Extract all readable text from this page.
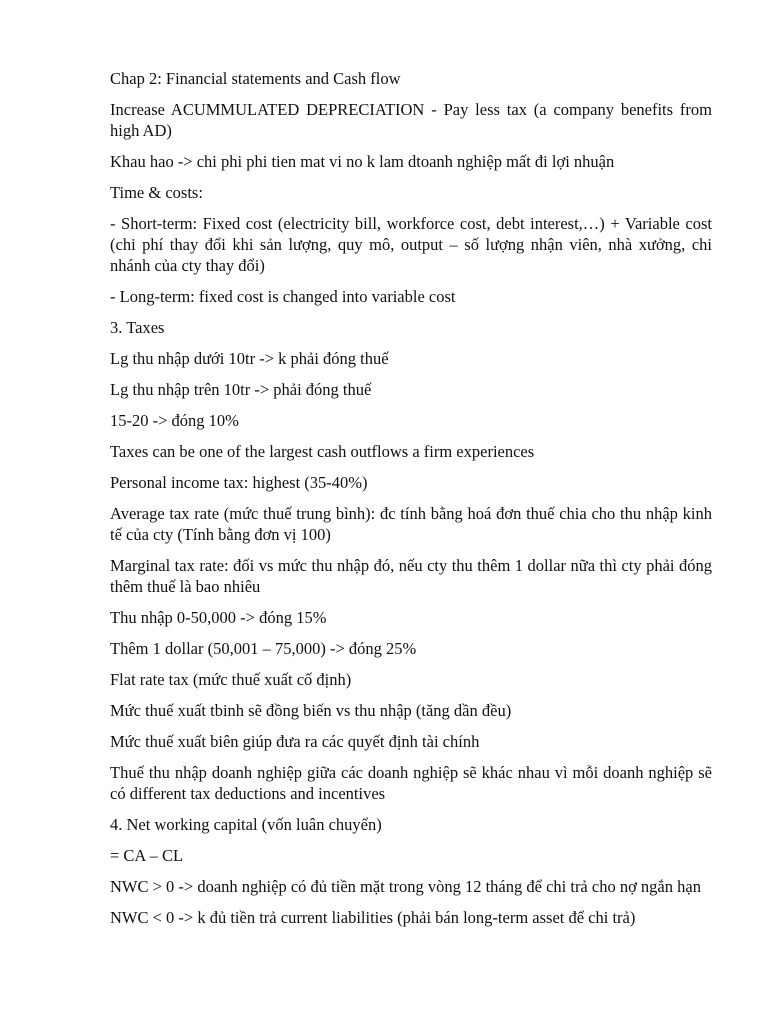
Chap 2: Financial statements and Cash flow

Increase ACUMMULATED DEPRECIATION - Pay less tax (a company benefits from high AD)

Khau hao -> chi phi phi tien mat vi no k lam dtoanh nghiệp mất đi lợi nhuận

Time & costs:

- Short-term: Fixed cost (electricity bill, workforce cost, debt interest,…) + Variable cost (chi phí thay đổi khi sản lượng, quy mô, output – số lượng nhận viên, nhà xưởng, chi nhánh của cty thay đổi)

- Long-term: fixed cost is changed into variable cost

3. Taxes

Lg thu nhập dưới 10tr -> k phải đóng thuế

Lg thu nhập trên 10tr -> phải đóng thuế

15-20 -> đóng 10%

Taxes can be one of the largest cash outflows a firm experiences

Personal income tax: highest (35-40%)

Average tax rate (mức thuế trung bình): đc tính bằng hoá đơn thuế chia cho thu nhập kinh tế của cty (Tính bằng đơn vị 100)

Marginal tax rate: đối vs mức thu nhập đó, nếu cty thu thêm 1 dollar nữa thì cty phải đóng thêm thuế là bao nhiêu

Thu nhập 0-50,000 -> đóng 15%

Thêm 1 dollar (50,001 – 75,000) -> đóng 25%

Flat rate tax (mức thuế xuất cố định)

Mức thuế xuất tbinh sẽ đồng biến vs thu nhập (tăng dần đều)

Mức thuế xuất biên giúp đưa ra các quyết định tài chính

Thuế thu nhập doanh nghiệp giữa các doanh nghiệp sẽ khác nhau vì mỗi doanh nghiệp sẽ có different tax deductions and incentives

4. Net working capital (vốn luân chuyển)

= CA – CL

NWC > 0 -> doanh nghiệp có đủ tiền mặt trong vòng 12 tháng để chi trả cho nợ ngắn hạn

NWC < 0 -> k đủ tiền trả current liabilities (phải bán long-term asset để chi trả)
